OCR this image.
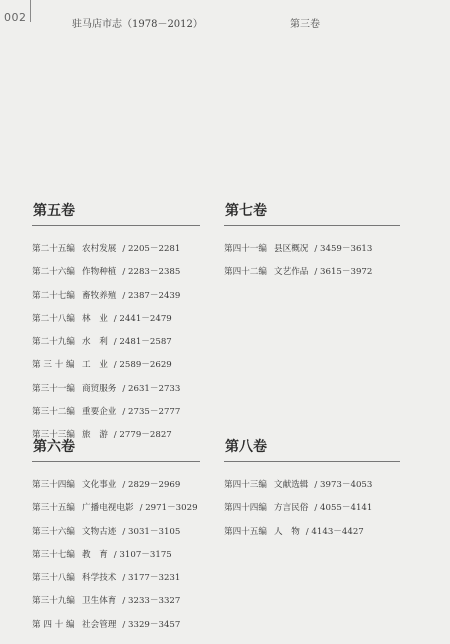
002
驻马店市志（1978－2012）	第三卷
第五卷
第二十五编 农村发展 / 2205－2281
第二十六编 作物种植 / 2283－2385
第二十七编 畜牧养殖 / 2387－2439
第二十八编 林　业 / 2441－2479
第二十九编 水　利 / 2481－2587
第 三 十 编 工　业 / 2589－2629
第三十一编 商贸服务 / 2631－2733
第三十二编 重要企业 / 2735－2777
第三十三编 旅　游 / 2779－2827
第六卷
第三十四编 文化事业 / 2829－2969
第三十五编 广播电视电影 / 2971－3029
第三十六编 文物古迹 / 3031－3105
第三十七编 教　育 / 3107－3175
第三十八编 科学技术 / 3177－3231
第三十九编 卫生体育 / 3233－3327
第 四 十 编 社会管理 / 3329－3457
第七卷
第四十一编 县区概况 / 3459－3613
第四十二编 文艺作品 / 3615－3972
第八卷
第四十三编 文献选辑 / 3973－4053
第四十四编 方言民俗 / 4055－4141
第四十五编 人　物 / 4143－4427
